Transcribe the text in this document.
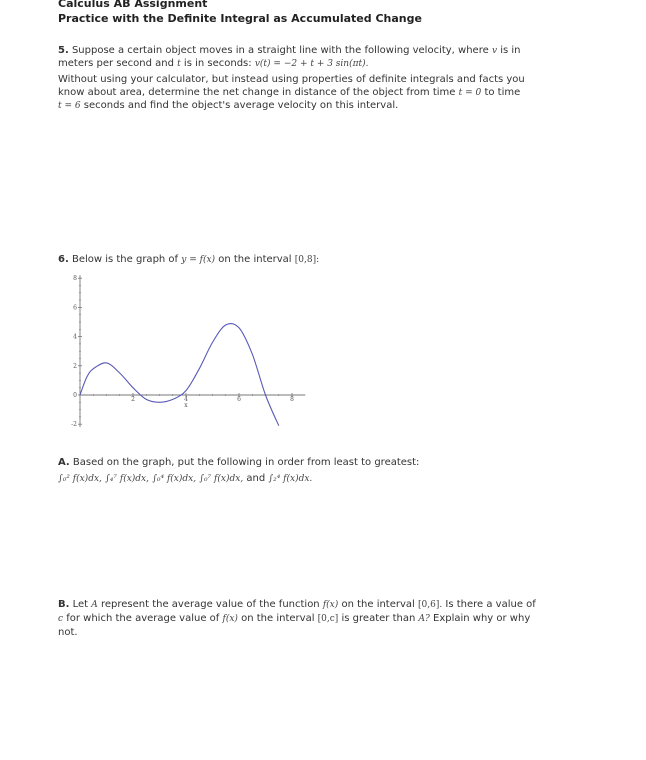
Calculus AB Assignment
Practice with the Definite Integral as Accumulated Change
5. Suppose a certain object moves in a straight line with the following velocity, where v is in
meters per second and t is in seconds: v(t) = −2 + t + 3 sin(πt).
Without using your calculator, but instead using properties of definite integrals and facts you
know about area, determine the net change in distance of the object from time t = 0 to time
t = 6 seconds and find the object's average velocity on this interval.
6. Below is the graph of y = f(x) on the interval [0,8]:
2	4	6	8
8
6
4
2
0
-2
x
A. Based on the graph, put the following in order from least to greatest:
∫₀² f(x)dx, ∫₄⁷ f(x)dx, ∫₀⁴ f(x)dx, ∫₀⁷ f(x)dx, and ∫₂⁴ f(x)dx.
B. Let A represent the average value of the function f(x) on the interval [0,6]. Is there a value of
c for which the average value of f(x) on the interval [0,c] is greater than A? Explain why or why
not.
